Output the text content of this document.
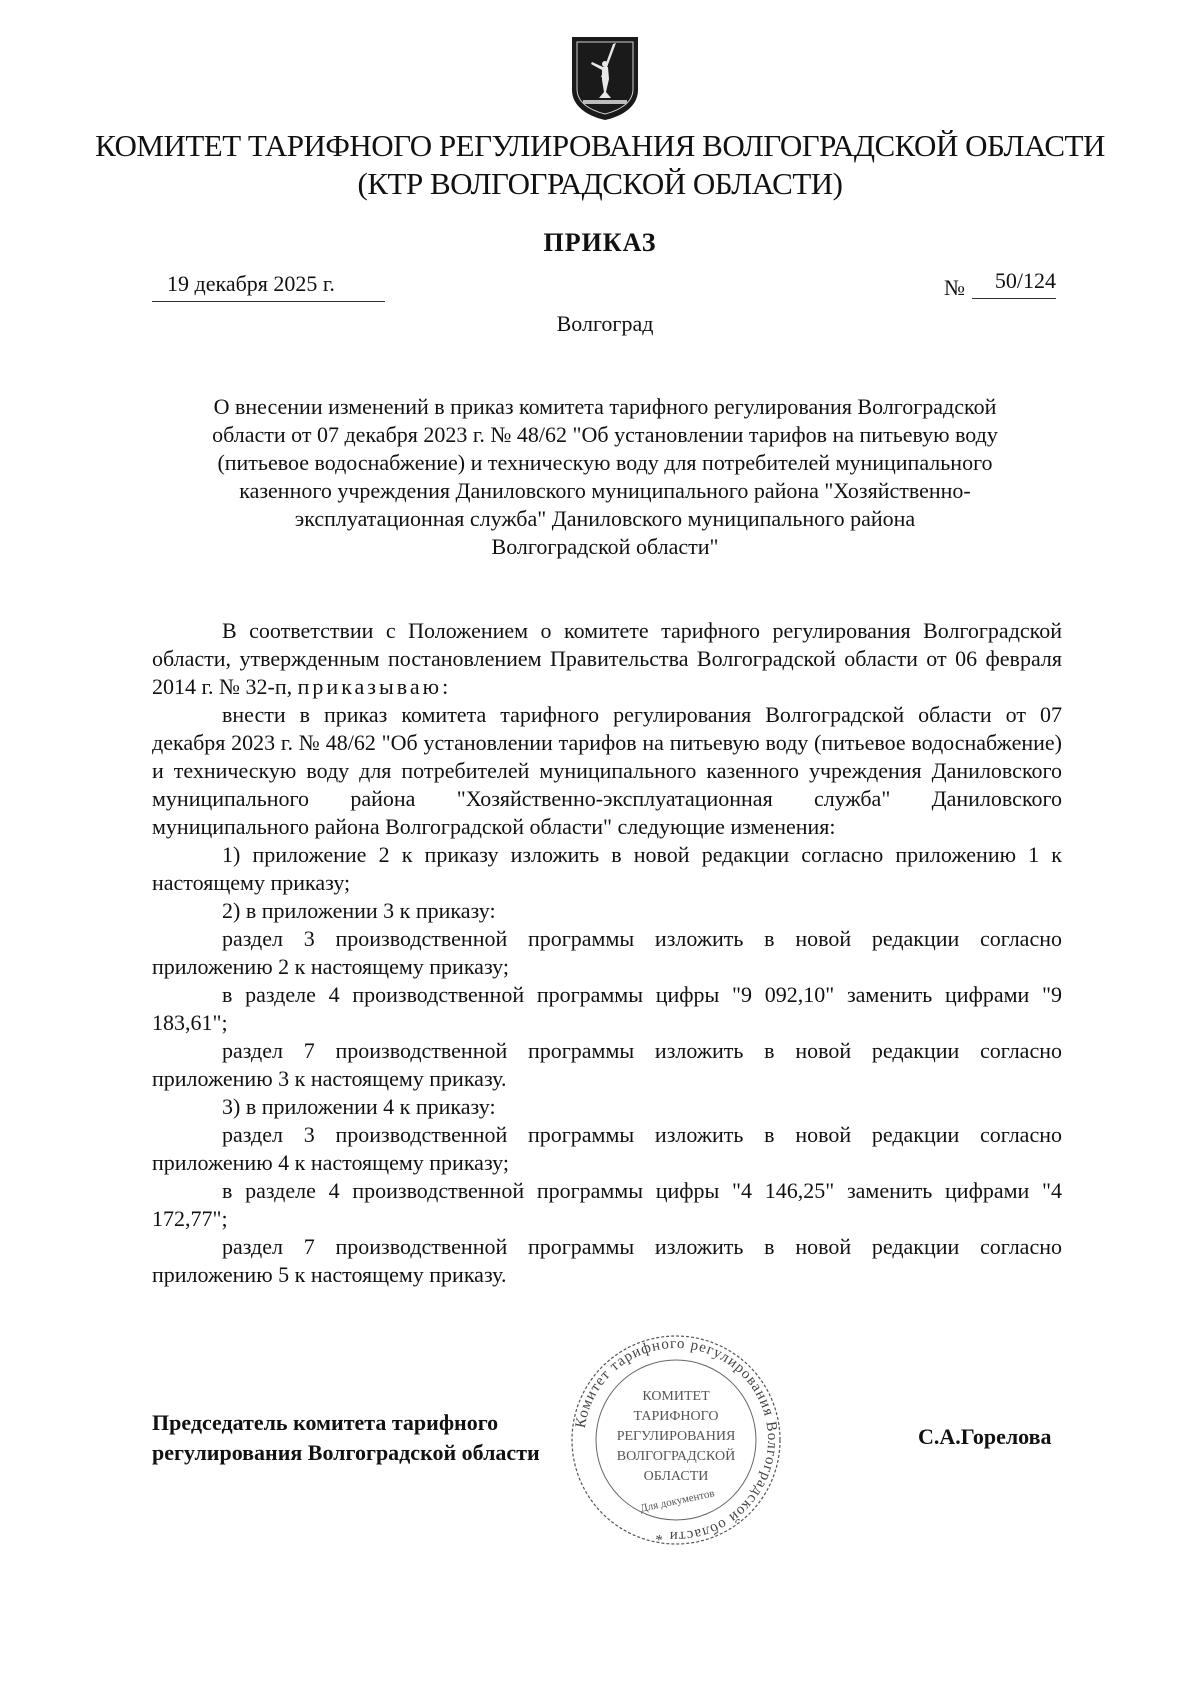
КОМИТЕТ ТАРИФНОГО РЕГУЛИРОВАНИЯ ВОЛГОГРАДСКОЙ ОБЛАСТИ
(КТР ВОЛГОГРАДСКОЙ ОБЛАСТИ)
ПРИКАЗ
19 декабря 2025 г.	№	50/124
Волгоград
О внесении изменений в приказ комитета тарифного регулирования Волгоградской
области от 07 декабря 2023 г. № 48/62 "Об установлении тарифов на питьевую воду
(питьевое водоснабжение) и техническую воду для потребителей муниципального
казенного учреждения Даниловского муниципального района "Хозяйственно-
эксплуатационная служба" Даниловского муниципального района
Волгоградской области"

В соответствии с Положением о комитете тарифного регулирования Волгоградской области, утвержденным постановлением Правительства Волгоградской области от 06 февраля 2014 г. № 32-п, приказываю:

внести в приказ комитета тарифного регулирования Волгоградской области от 07 декабря 2023 г. № 48/62 "Об установлении тарифов на питьевую воду (питьевое водоснабжение) и техническую воду для потребителей муниципального казенного учреждения Даниловского муниципального района "Хозяйственно-эксплуатационная служба" Даниловского муниципального района Волгоградской области" следующие изменения:

1) приложение 2 к приказу изложить в новой редакции согласно приложению 1 к настоящему приказу;

2) в приложении 3 к приказу:

раздел 3 производственной программы изложить в новой редакции согласно приложению 2 к настоящему приказу;

в разделе 4 производственной программы цифры "9 092,10" заменить цифрами "9 183,61";

раздел 7 производственной программы изложить в новой редакции согласно приложению 3 к настоящему приказу.

3) в приложении 4 к приказу:

раздел 3 производственной программы изложить в новой редакции согласно приложению 4 к настоящему приказу;

в разделе 4 производственной программы цифры "4 146,25" заменить цифрами "4 172,77";

раздел 7 производственной программы изложить в новой редакции согласно приложению 5 к настоящему приказу.

Председатель комитета тарифного
регулирования Волгоградской области
Комитет тарифного регулирования Волгоградской области *
КОМИТЕТ
ТАРИФНОГО
РЕГУЛИРОВАНИЯ
ВОЛГОГРАДСКОЙ
ОБЛАСТИ
Для документов
С.А.Горелова
